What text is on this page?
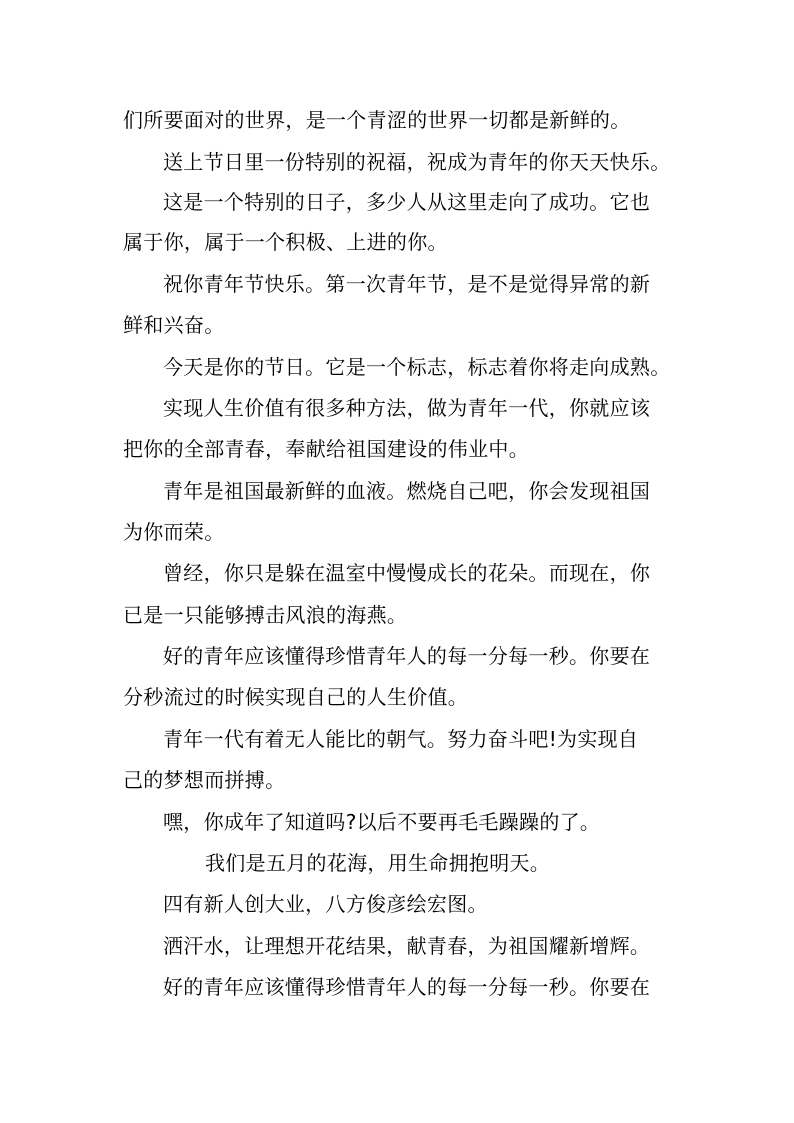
们所要面对的世界，是一个青涩的世界一切都是新鲜的。
送上节日里一份特别的祝福，祝成为青年的你天天快乐。
这是一个特别的日子，多少人从这里走向了成功。它也
属于你，属于一个积极、上进的你。
祝你青年节快乐。第一次青年节，是不是觉得异常的新
鲜和兴奋。
今天是你的节日。它是一个标志，标志着你将走向成熟。
实现人生价值有很多种方法，做为青年一代，你就应该
把你的全部青春，奉献给祖国建设的伟业中。
青年是祖国最新鲜的血液。燃烧自己吧，你会发现祖国
为你而荣。
曾经，你只是躲在温室中慢慢成长的花朵。而现在，你
已是一只能够搏击风浪的海燕。
好的青年应该懂得珍惜青年人的每一分每一秒。你要在
分秒流过的时候实现自己的人生价值。
青年一代有着无人能比的朝气。努力奋斗吧!为实现自
己的梦想而拼搏。
嘿，你成年了知道吗?以后不要再毛毛躁躁的了。
我们是五月的花海，用生命拥抱明天。
四有新人创大业，八方俊彦绘宏图。
洒汗水，让理想开花结果，献青春，为祖国耀新增辉。
好的青年应该懂得珍惜青年人的每一分每一秒。你要在
